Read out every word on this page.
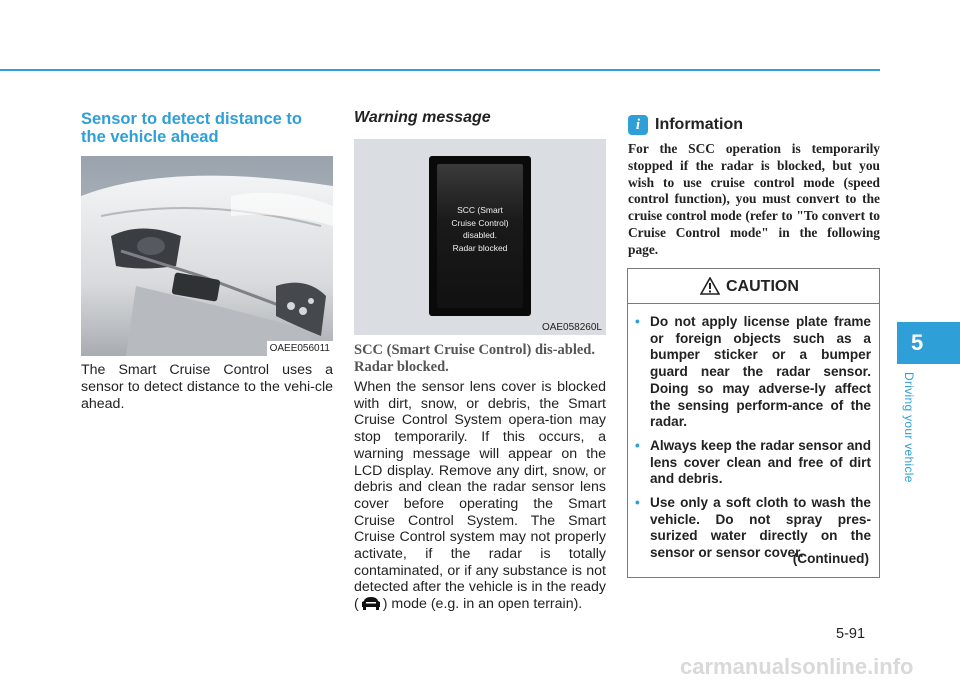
Sensor to detect distance to the vehicle ahead
OAEE056011

The Smart Cruise Control uses a sensor to detect distance to the vehi-cle ahead.

Warning message
SCC (Smart
Cruise Control)
disabled.
Radar blocked
OAE058260L
SCC (Smart Cruise Control) dis-abled. Radar blocked.

When the sensor lens cover is blocked with dirt, snow, or debris, the Smart Cruise Control System opera-tion may stop temporarily. If this occurs, a warning message will appear on the LCD display. Remove any dirt, snow, or debris and clean the radar sensor lens cover before operating the Smart Cruise Control System. The Smart Cruise Control system may not properly activate, if the radar is totally contaminated, or if any substance is not detected after the vehicle is in the ready ( ) mode (e.g. in an open terrain).

i Information

For the SCC operation is temporarily stopped if the radar is blocked, but you wish to use cruise control mode (speed control function), you must convert to the cruise control mode (refer to "To convert to Cruise Control mode" in the following page.

CAUTION
• Do not apply license plate frame or foreign objects such as a bumper sticker or a bumper guard near the radar sensor. Doing so may adverse-ly affect the sensing perform-ance of the radar.
• Always keep the radar sensor and lens cover clean and free of dirt and debris.
• Use only a soft cloth to wash the vehicle. Do not spray pres-surized water directly on the sensor or sensor cover.
(Continued)
5
Driving your vehicle
5-91
carmanualsonline.info
